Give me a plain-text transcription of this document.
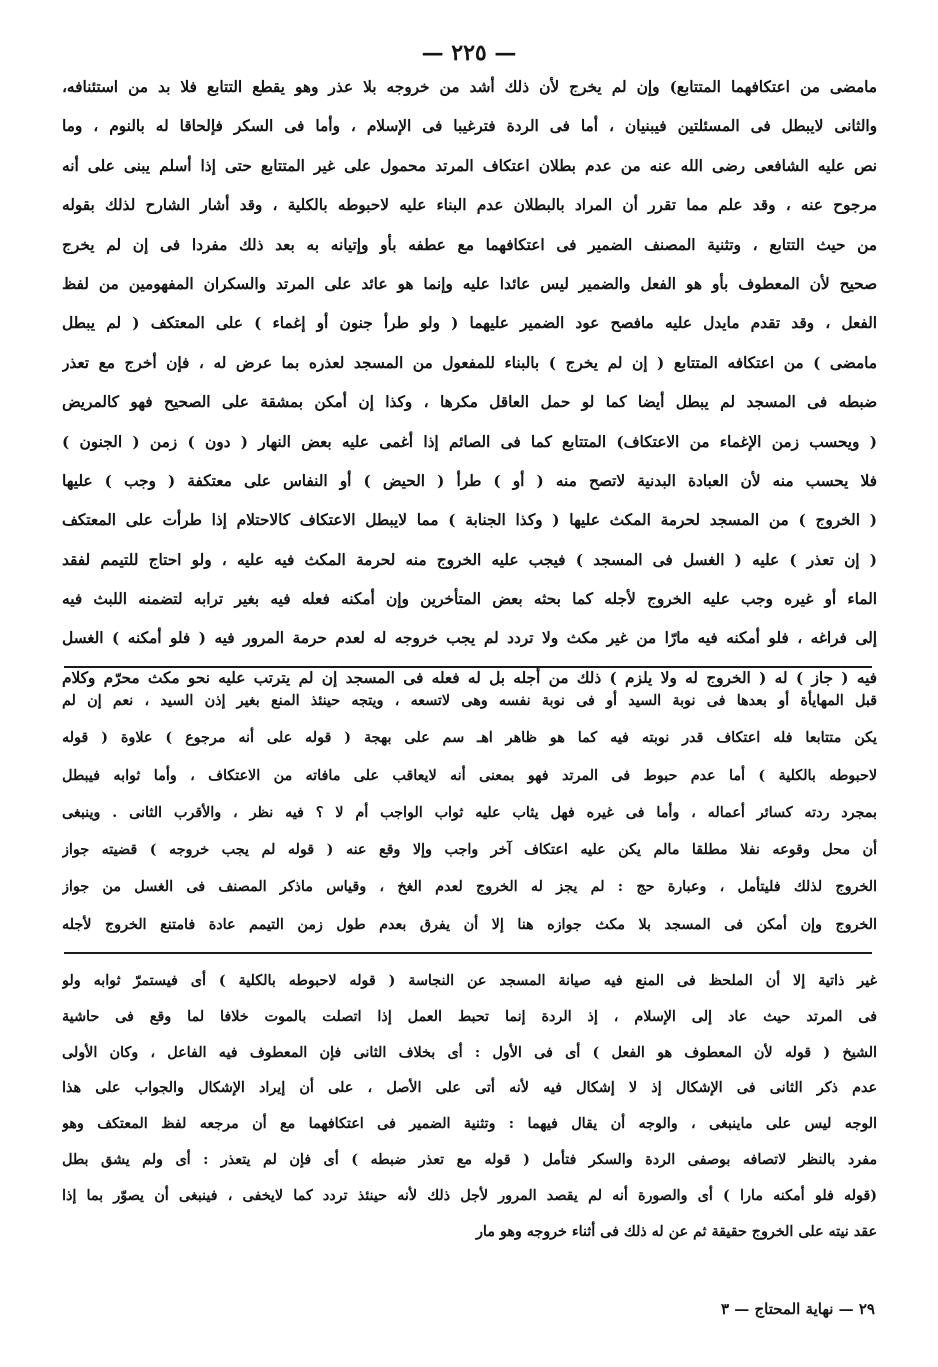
— ٢٢٥ —
مامضى من اعتكافهما المتتابع) وإن لم يخرج لأن ذلك أشد من خروجه بلا عذر وهو يقطع التتابع فلا بد من استئنافه،
والثانى لايبطل فى المسئلتين فيبنيان ، أما فى الردة فترغيبا فى الإسلام ، وأما فى السكر فإلحاقا له بالنوم ، وما
نص عليه الشافعى رضى الله عنه من عدم بطلان اعتكاف المرتد محمول على غير المتتابع حتى إذا أسلم يبنى على أنه
مرجوح عنه ، وقد علم مما تقرر أن المراد بالبطلان عدم البناء عليه لاحبوطه بالكلية ، وقد أشار الشارح لذلك بقوله
من حيث التتابع ، وتثنية المصنف الضمير فى اعتكافهما مع عطفه بأو وإتيانه به بعد ذلك مفردا فى إن لم يخرج
صحيح لأن المعطوف بأو هو الفعل والضمير ليس عائدا عليه وإنما هو عائد على المرتد والسكران المفهومين من لفظ
الفعل ، وقد تقدم مايدل عليه مافصح عود الضمير عليهما ( ولو طرأ جنون أو إغماء ) على المعتكف ( لم يبطل
مامضى ) من اعتكافه المتتابع ( إن لم يخرج ) بالبناء للمفعول من المسجد لعذره بما عرض له ، فإن أخرج مع تعذر
ضبطه فى المسجد لم يبطل أيضا كما لو حمل العاقل مكرها ، وكذا إن أمكن بمشقة على الصحيح فهو كالمريض
( ويحسب زمن الإغماء من الاعتكاف) المتتابع كما فى الصائم إذا أغمى عليه بعض النهار ( دون ) زمن ( الجنون )
فلا يحسب منه لأن العبادة البدنية لاتصح منه ( أو ) طرأ ( الحيض ) أو النفاس على معتكفة ( وجب ) عليها
( الخروج ) من المسجد لحرمة المكث عليها ( وكذا الجنابة ) مما لايبطل الاعتكاف كالاحتلام إذا طرأت على المعتكف
( إن تعذر ) عليه ( الغسل فى المسجد ) فيجب عليه الخروج منه لحرمة المكث فيه عليه ، ولو احتاج للتيمم لفقد
الماء أو غيره وجب عليه الخروج لأجله كما بحثه بعض المتأخرين وإن أمكنه فعله فيه بغير ترابه لتضمنه اللبث فيه
إلى فراغه ، فلو أمكنه فيه مارّا من غير مكث ولا تردد لم يجب خروجه له لعدم حرمة المرور فيه ( فلو أمكنه ) الغسل
فيه ( جاز ) له ( الخروج له ولا يلزم ) ذلك من أجله بل له فعله فى المسجد إن لم يترتب عليه نحو مكث محرّم وكلام
قبل المهايأة أو بعدها فى نوبة السيد أو فى نوبة نفسه وهى لاتسعه ، ويتجه حينئذ المنع بغير إذن السيد ، نعم إن لم
يكن متتابعا فله اعتكاف قدر نوبته فيه كما هو ظاهر اهـ سم على بهجة ( قوله على أنه مرجوع ) علاوة ( قوله
لاحبوطه بالكلية ) أما عدم حبوط فى المرتد فهو بمعنى أنه لايعاقب على مافاته من الاعتكاف ، وأما ثوابه فيبطل
بمجرد ردته كسائر أعماله ، وأما فى غيره فهل يثاب عليه ثواب الواجب أم لا ؟ فيه نظر ، والأقرب الثانى . وينبغى
أن محل وقوعه نفلا مطلقا مالم يكن عليه اعتكاف آخر واجب وإلا وقع عنه ( قوله لم يجب خروجه ) قضيته جواز
الخروج لذلك فليتأمل ، وعبارة حج : لم يجز له الخروج لعدم الغخ ، وقياس ماذكر المصنف فى الغسل من جواز
الخروج وإن أمكن فى المسجد بلا مكث جوازه هنا إلا أن يفرق بعدم طول زمن التيمم عادة فامتنع الخروج لأجله
غير ذاتية إلا أن الملحظ فى المنع فيه صيانة المسجد عن النجاسة ( قوله لاحبوطه بالكلية ) أى فيستمرّ ثوابه ولو
فى المرتد حيث عاد إلى الإسلام ، إذ الردة إنما تحبط العمل إذا اتصلت بالموت خلافا لما وقع فى حاشية
الشيخ ( قوله لأن المعطوف هو الفعل ) أى فى الأول : أى بخلاف الثانى فإن المعطوف فيه الفاعل ، وكان الأولى
عدم ذكر الثانى فى الإشكال إذ لا إشكال فيه لأنه أتى على الأصل ، على أن إيراد الإشكال والجواب على هذا
الوجه ليس على ماينبغى ، والوجه أن يقال فيهما : وتثنية الضمير فى اعتكافهما مع أن مرجعه لفظ المعتكف وهو
مفرد بالنظر لاتصافه بوصفى الردة والسكر فتأمل ( قوله مع تعذر ضبطه ) أى فإن لم يتعذر : أى ولم يشق بطل
(قوله فلو أمكنه مارا ) أى والصورة أنه لم يقصد المرور لأجل ذلك لأنه حينئذ تردد كما لايخفى ، فينبغى أن يصوّر بما إذا
عقد نيته على الخروج حقيقة ثم عن له ذلك فى أثناء خروجه وهو مار
٢٩ — نهاية المحتاج — ٣
